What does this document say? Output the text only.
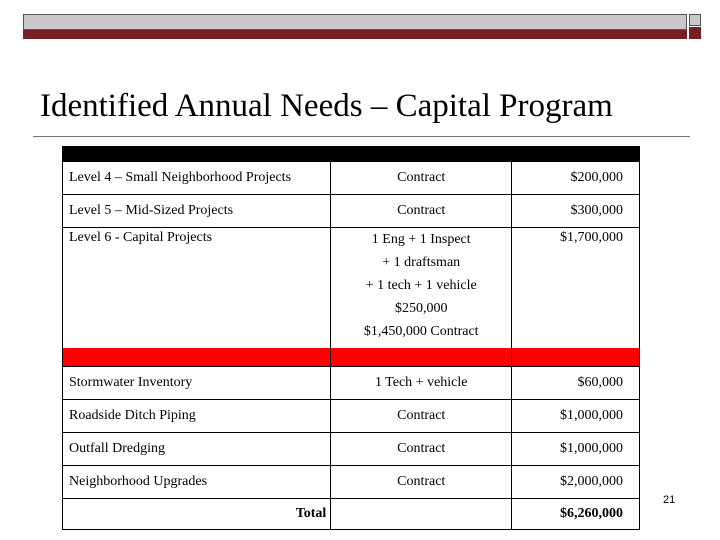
Identified Annual Needs – Capital Program

Level 4 – Small Neighborhood Projects	Contract	$200,000
Level 5 – Mid-Sized Projects	Contract	$300,000
Level 6 - Capital Projects	1 Eng + 1 Inspect
+ 1 draftsman
+ 1 tech + 1 vehicle
$250,000
$1,450,000 Contract	$1,700,000

Stormwater Inventory	1 Tech + vehicle	$60,000
Roadside Ditch Piping	Contract	$1,000,000
Outfall Dredging	Contract	$1,000,000
Neighborhood Upgrades	Contract	$2,000,000
Total		$6,260,000
21
